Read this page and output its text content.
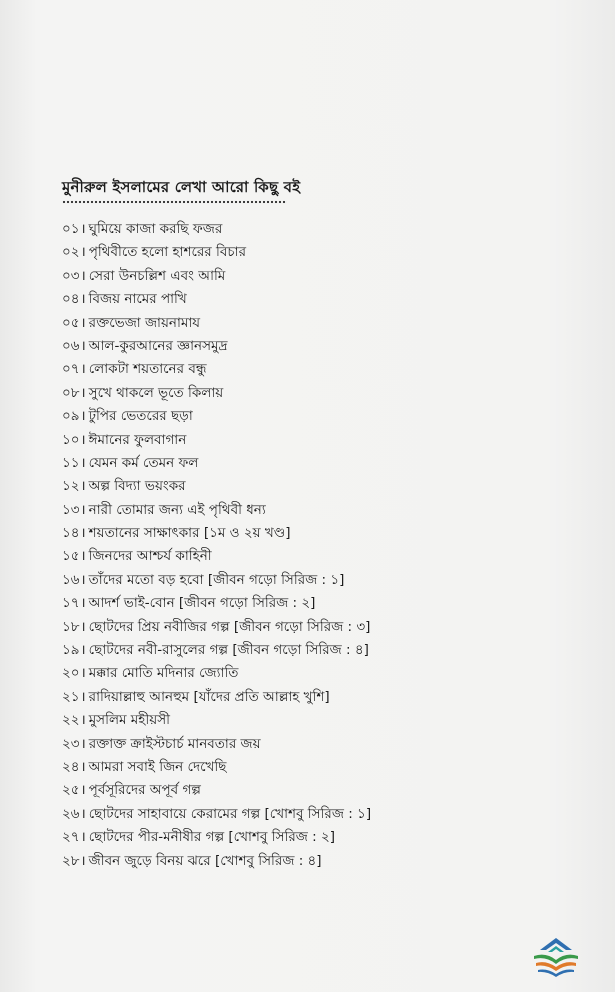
মুনীরুল ইসলামের লেখা আরো কিছু বই
০১। ঘুমিয়ে কাজা করছি ফজর
০২। পৃথিবীতে হলো হাশরের বিচার
০৩। সেরা উনচল্লিশ এবং আমি
০৪। বিজয় নামের পাখি
০৫। রক্তভেজা জায়নামায
০৬। আল-কুরআনের জ্ঞানসমুদ্র
০৭। লোকটা শয়তানের বন্ধু
০৮। সুখে থাকলে ভূতে কিলায়
০৯। টুপির ভেতরের ছড়া
১০। ঈমানের ফুলবাগান
১১। যেমন কর্ম তেমন ফল
১২। অল্প বিদ্যা ভয়ংকর
১৩। নারী তোমার জন্য এই পৃথিবী ধন্য
১৪। শয়তানের সাক্ষাৎকার [১ম ও ২য় খণ্ড]
১৫। জিনদের আশ্চর্য কাহিনী
১৬। তাঁদের মতো বড় হবো [জীবন গড়ো সিরিজ : ১]
১৭। আদর্শ ভাই-বোন [জীবন গড়ো সিরিজ : ২]
১৮। ছোটদের প্রিয় নবীজির গল্প [জীবন গড়ো সিরিজ : ৩]
১৯। ছোটদের নবী-রাসুলের গল্প [জীবন গড়ো সিরিজ : ৪]
২০। মক্কার মোতি মদিনার জ্যোতি
২১। রাদিয়াল্লাহু আনহুম [যাঁদের প্রতি আল্লাহ খুশি]
২২। মুসলিম মহীয়সী
২৩। রক্তাক্ত ক্রাইস্টচার্চ মানবতার জয়
২৪। আমরা সবাই জিন দেখেছি
২৫। পূর্বসূরিদের অপূর্ব গল্প
২৬। ছোটদের সাহাবায়ে কেরামের গল্প [খোশবু সিরিজ : ১]
২৭। ছোটদের পীর-মনীষীর গল্প [খোশবু সিরিজ : ২]
২৮। জীবন জুড়ে বিনয় ঝরে [খোশবু সিরিজ : ৪]
